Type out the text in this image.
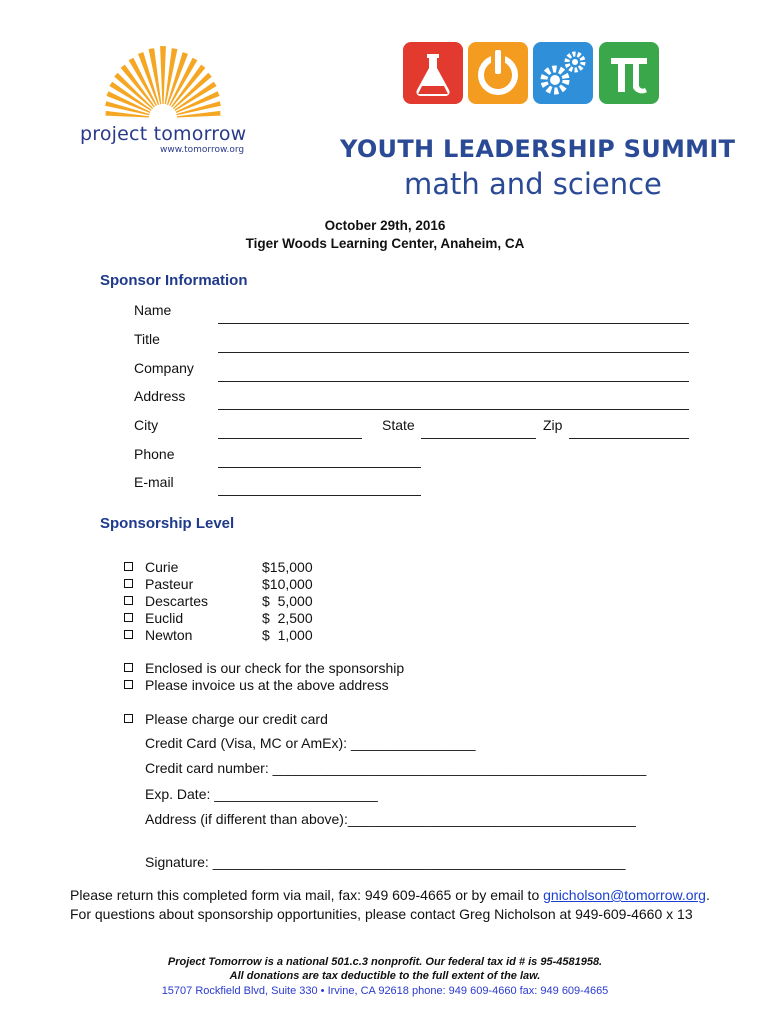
project tomorrow
www.tomorrow.org	YOUTH LEADERSHIP SUMMIT
math and science
October 29th, 2016
Tiger Woods Learning Center, Anaheim, CA
Sponsor Information
Name
Title
Company
Address
City	State	Zip
Phone
E-mail
Sponsorship Level
Curie	$15,000
Pasteur	$10,000
Descartes	$  5,000
Euclid	$  2,500
Newton	$  1,000
Enclosed is our check for the sponsorship
Please invoice us at the above address
Please charge our credit card
Credit Card (Visa, MC or AmEx): ________________
Credit card number: ________________________________________________
Exp. Date: _____________________
Address (if different than above):_____________________________________
Signature: _____________________________________________________
Please return this completed form via mail, fax: 949 609-4665 or by email to gnicholson@tomorrow.org.
For questions about sponsorship opportunities, please contact Greg Nicholson at 949-609-4660 x 13
Project Tomorrow is a national 501.c.3 nonprofit. Our federal tax id # is 95-4581958.
All donations are tax deductible to the full extent of the law.
15707 Rockfield Blvd, Suite 330 • Irvine, CA 92618 phone: 949 609-4660 fax: 949 609-4665
